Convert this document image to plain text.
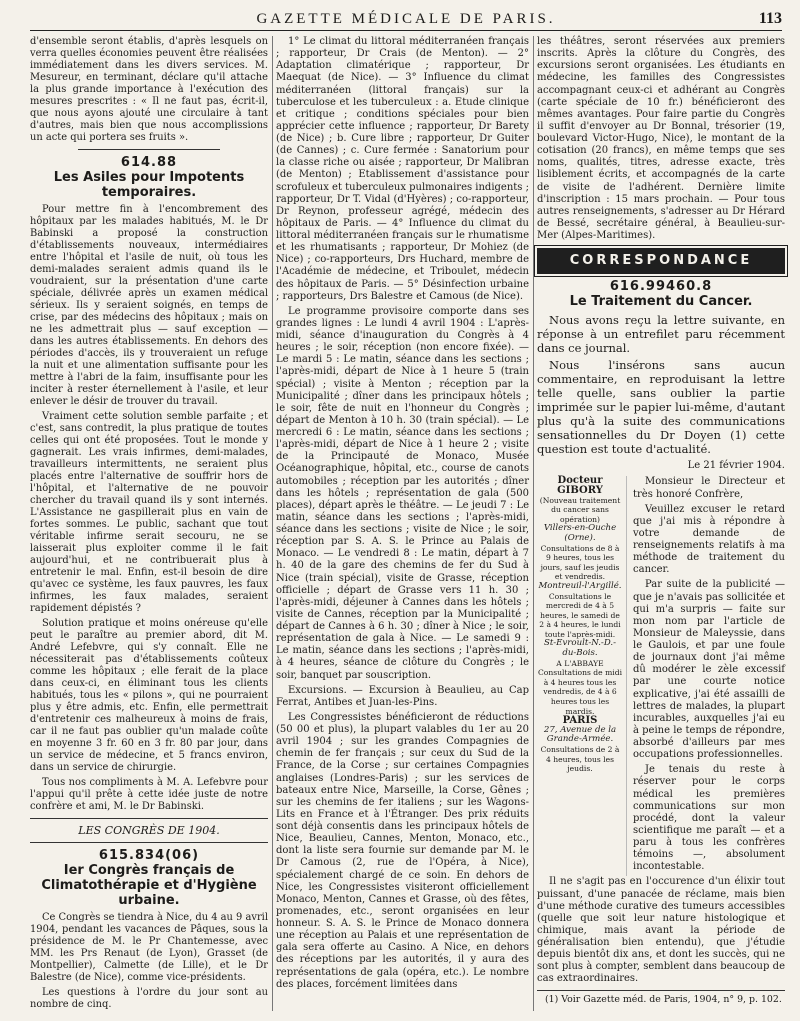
GAZETTE MÉDICALE DE PARIS.	113

d'ensemble seront établis, d'après lesquels on verra quelles économies peuvent être réalisées immédiatement dans les divers services. M. Mesureur, en terminant, déclare qu'il attache la plus grande importance à l'exécution des mesures prescrites : « Il ne faut pas, écrit-il, que nous ayons ajouté une circulaire à tant d'autres, mais bien que nous accomplissions un acte qui portera ses fruits ».

614.88
Les Asiles pour Impotents temporaires.

Pour mettre fin à l'encombrement des hôpitaux par les malades habitués, M. le Dr Babinski a proposé la construction d'établissements nouveaux, intermédiaires entre l'hôpital et l'asile de nuit, où tous les demi-malades seraient admis quand ils le voudraient, sur la présentation d'une carte spéciale, délivrée après un examen médical sérieux. Ils y seraient soignés, en temps de crise, par des médecins des hôpitaux ; mais on ne les admettrait plus — sauf exception — dans les autres établissements. En dehors des périodes d'accès, ils y trouveraient un refuge la nuit et une alimentation suffisante pour les mettre à l'abri de la faim, insuffisante pour les inciter à rester éternellement à l'asile, et leur enlever le désir de trouver du travail.

Vraiment cette solution semble parfaite ; et c'est, sans contredit, la plus pratique de toutes celles qui ont été proposées. Tout le monde y gagnerait. Les vrais infirmes, demi-malades, travailleurs intermittents, ne seraient plus placés entre l'alternative de souffrir hors de l'hôpital, et l'alternative de ne pouvoir chercher du travail quand ils y sont internés. L'Assistance ne gaspillerait plus en vain de fortes sommes. Le public, sachant que tout véritable infirme serait secouru, ne se laisserait plus exploiter comme il le fait aujourd'hui, et ne contribuerait plus à entretenir le mal. Enfin, est-il besoin de dire qu'avec ce système, les faux pauvres, les faux infirmes, les faux malades, seraient rapidement dépistés ?

Solution pratique et moins onéreuse qu'elle peut le paraître au premier abord, dit M. André Lefebvre, qui s'y connaît. Elle ne nécessiterait pas d'établissements coûteux comme les hôpitaux ; elle ferait de la place dans ceux-ci, en éliminant tous les clients habitués, tous les « pilons », qui ne pourraient plus y être admis, etc. Enfin, elle permettrait d'entretenir ces malheureux à moins de frais, car il ne faut pas oublier qu'un malade coûte en moyenne 3 fr. 60 en 3 fr. 80 par jour, dans un service de médecine, et 5 francs environ, dans un service de chirurgie.

Tous nos compliments à M. A. Lefebvre pour l'appui qu'il prête à cette idée juste de notre confrère et ami, M. le Dr Babinski.

LES CONGRÈS DE 1904.
615.834(06)
Ier Congrès français de Climatothérapie et d'Hygiène urbaine.

Ce Congrès se tiendra à Nice, du 4 au 9 avril 1904, pendant les vacances de Pâques, sous la présidence de M. le Pr Chantemesse, avec MM. les Prs Renaut (de Lyon), Grasset (de Montpellier), Calmette (de Lille), et le Dr Balestre (de Nice), comme vice-présidents.

Les questions à l'ordre du jour sont au nombre de cinq.

1° Le climat du littoral méditerranéen français ; rapporteur, Dr Crais (de Menton). — 2° Adaptation climatérique ; rapporteur, Dr Maequat (de Nice). — 3° Influence du climat méditerranéen (littoral français) sur la tuberculose et les tuberculeux : a. Etude clinique et critique ; conditions spéciales pour bien apprécier cette influence ; rapporteur, Dr Barety (de Nice) ; b. Cure libre ; rapporteur, Dr Guiter (de Cannes) ; c. Cure fermée : Sanatorium pour la classe riche ou aisée ; rapporteur, Dr Malibran (de Menton) ; Etablissement d'assistance pour scrofuleux et tuberculeux pulmonaires indigents ; rapporteur, Dr T. Vidal (d'Hyères) ; co-rapporteur, Dr Reynon, professeur agrégé, médecin des hôpitaux de Paris. — 4° Influence du climat du littoral méditerranéen français sur le rhumatisme et les rhumatisants ; rapporteur, Dr Mohiez (de Nice) ; co-rapporteurs, Drs Huchard, membre de l'Académie de médecine, et Triboulet, médecin des hôpitaux de Paris. — 5° Désinfection urbaine ; rapporteurs, Drs Balestre et Camous (de Nice).

Le programme provisoire comporte dans ses grandes lignes : Le lundi 4 avril 1904 : L'après-midi, séance d'inauguration du Congrès à 4 heures ; le soir, réception (non encore fixée). — Le mardi 5 : Le matin, séance dans les sections ; l'après-midi, départ de Nice à 1 heure 5 (train spécial) ; visite à Menton ; réception par la Municipalité ; dîner dans les principaux hôtels ; le soir, fête de nuit en l'honneur du Congrès ; départ de Menton à 10 h. 30 (train spécial). — Le mercredi 6 : Le matin, séance dans les sections ; l'après-midi, départ de Nice à 1 heure 2 ; visite de la Principauté de Monaco, Musée Océanographique, hôpital, etc., course de canots automobiles ; réception par les autorités ; dîner dans les hôtels ; représentation de gala (500 places), départ après le théâtre. — Le jeudi 7 : Le matin, séance dans les sections ; l'après-midi, séance dans les sections ; visite de Nice ; le soir, réception par S. A. S. le Prince au Palais de Monaco. — Le vendredi 8 : Le matin, départ à 7 h. 40 de la gare des chemins de fer du Sud à Nice (train spécial), visite de Grasse, réception officielle ; départ de Grasse vers 11 h. 30 ; l'après-midi, déjeuner à Cannes dans les hôtels ; visite de Cannes, réception par la Municipalité ; départ de Cannes à 6 h. 30 ; dîner à Nice ; le soir, représentation de gala à Nice. — Le samedi 9 : Le matin, séance dans les sections ; l'après-midi, à 4 heures, séance de clôture du Congrès ; le soir, banquet par souscription.

Excursions. — Excursion à Beaulieu, au Cap Ferrat, Antibes et Juan-les-Pins.

Les Congressistes bénéficieront de réductions (50 00 et plus), la plupart valables du 1er au 20 avril 1904 ; sur les grandes Compagnies de chemin de fer français ; sur ceux du Sud de la France, de la Corse ; sur certaines Compagnies anglaises (Londres-Paris) ; sur les services de bateaux entre Nice, Marseille, la Corse, Gênes ; sur les chemins de fer italiens ; sur les Wagons-Lits en France et à l'Étranger. Des prix réduits sont déjà consentis dans les principaux hôtels de Nice, Beaulieu, Cannes, Menton, Monaco, etc., dont la liste sera fournie sur demande par M. le Dr Camous (2, rue de l'Opéra, à Nice), spécialement chargé de ce soin. En dehors de Nice, les Congressistes visiteront officiellement Monaco, Menton, Cannes et Grasse, où des fêtes, promenades, etc., seront organisées en leur honneur. S. A. S. le Prince de Monaco donnera une réception au Palais et une représentation de gala sera offerte au Casino. A Nice, en dehors des réceptions par les autorités, il y aura des représentations de gala (opéra, etc.). Le nombre des places, forcément limitées dans

les théâtres, seront réservées aux premiers inscrits. Après la clôture du Congrès, des excursions seront organisées. Les étudiants en médecine, les familles des Congressistes accompagnant ceux-ci et adhérant au Congrès (carte spéciale de 10 fr.) bénéficieront des mêmes avantages. Pour faire partie du Congrès il suffit d'envoyer au Dr Bonnal, trésorier (19, boulevard Victor-Hugo, Nice), le montant de la cotisation (20 francs), en même temps que ses noms, qualités, titres, adresse exacte, très lisiblement écrits, et accompagnés de la carte de visite de l'adhérent. Dernière limite d'inscription : 15 mars prochain. — Pour tous autres renseignements, s'adresser au Dr Hérard de Bessé, secrétaire général, à Beaulieu-sur-Mer (Alpes-Maritimes).

CORRESPONDANCE
616.99460.8
Le Traitement du Cancer.

Nous avons reçu la lettre suivante, en réponse à un entrefilet paru récemment dans ce journal.

Nous l'insérons sans aucun commentaire, en reproduisant la lettre telle quelle, sans oublier la partie imprimée sur le papier lui-même, d'autant plus qu'à la suite des communications sensationnelles du Dr Doyen (1) cette question est toute d'actualité.

Le 21 février 1904.
Docteur GIBORY
(Nouveau traitement du cancer sans opération)
Villers-en-Ouche (Orne).
Consultations de 8 à 9 heures, tous les jours, sauf les jeudis et vendredis.
Montreuil-l'Argillé.
Consultations le mercredi de 4 à 5 heures, le samedi de 2 à 4 heures, le lundi toute l'après-midi.
St-Evroult-N.-D.-du-Bois.
A L'ABBAYE
Consultations de midi à 4 heures tous les vendredis, de 4 à 6 heures tous les mardis.
PARIS
27, Avenue de la Grande-Armée.
Consultations de 2 à 4 heures, tous les jeudis.

Monsieur le Directeur et très honoré Confrère,

Veuillez excuser le retard que j'ai mis à répondre à votre demande de renseignements relatifs à ma méthode de traitement du cancer.

Par suite de la publicité — que je n'avais pas sollicitée et qui m'a surpris — faite sur mon nom par l'article de Monsieur de Maleyssie, dans le Gaulois, et par une foule de journaux dont j'ai même dû modérer le zèle excessif par une courte notice explicative, j'ai été assailli de lettres de malades, la plupart incurables, auxquelles j'ai eu à peine le temps de répondre, absorbé d'ailleurs par mes occupations professionnelles.

Je tenais du reste à réserver pour le corps médical les premières communications sur mon procédé, dont la valeur scientifique me paraît — et a paru à tous les confrères témoins —, absolument incontestable.

Il ne s'agit pas en l'occurence d'un élixir tout puissant, d'une panacée de réclame, mais bien d'une méthode curative des tumeurs accessibles (quelle que soit leur nature histologique et chimique, mais avant la période de généralisation bien entendu), que j'étudie depuis bientôt dix ans, et dont les succès, qui ne sont plus à compter, semblent dans beaucoup de cas extraordinaires.

(1) Voir Gazette méd. de Paris, 1904, n° 9, p. 102.
